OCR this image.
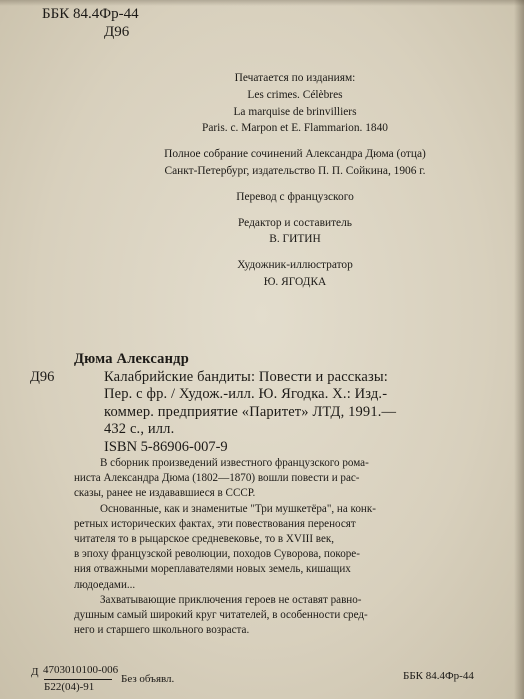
ББК 84.4Фр-44
Д96
Печатается по изданиям:
Les crimes. Célèbres
La marquise de brinvilliers
Paris. с. Marpon et E. Flammarion. 1840
Полное собрание сочинений Александра Дюма (отца)
Санкт-Петербург, издательство П. П. Сойкина, 1906 г.
Перевод с французского
Редактор и составитель
В. ГИТИН
Художник-иллюстратор
Ю. ЯГОДКА
Дюма Александр
Д96	Калабрийские бандиты: Повести и рассказы:
Пер. с фр. / Худож.-илл. Ю. Ягодка. Х.: Изд.-
коммер. предприятие «Паритет» ЛТД, 1991.—
432 с., илл.
ISBN 5-86906-007-9
В сборник произведений известного французского рома-
ниста Александра Дюма (1802—1870) вошли повести и рас-
сказы, ранее не издававшиеся в СССР.
Основанные, как и знаменитые "Три мушкетёра", на конк-
ретных исторических фактах, эти повествования переносят
читателя то в рыцарское средневековье, то в XVIII век,
в эпоху французской революции, походов Суворова, покоре-
ния отважными мореплавателями новых земель, кишащих
людоедами...
Захватывающие приключения героев не оставят равно-
душным самый широкий круг читателей, в особенности сред-
него и старшего школьного возраста.
Д 4703010100-006
Б22(04)-91
Без объявл.	ББК 84.4Фр-44
